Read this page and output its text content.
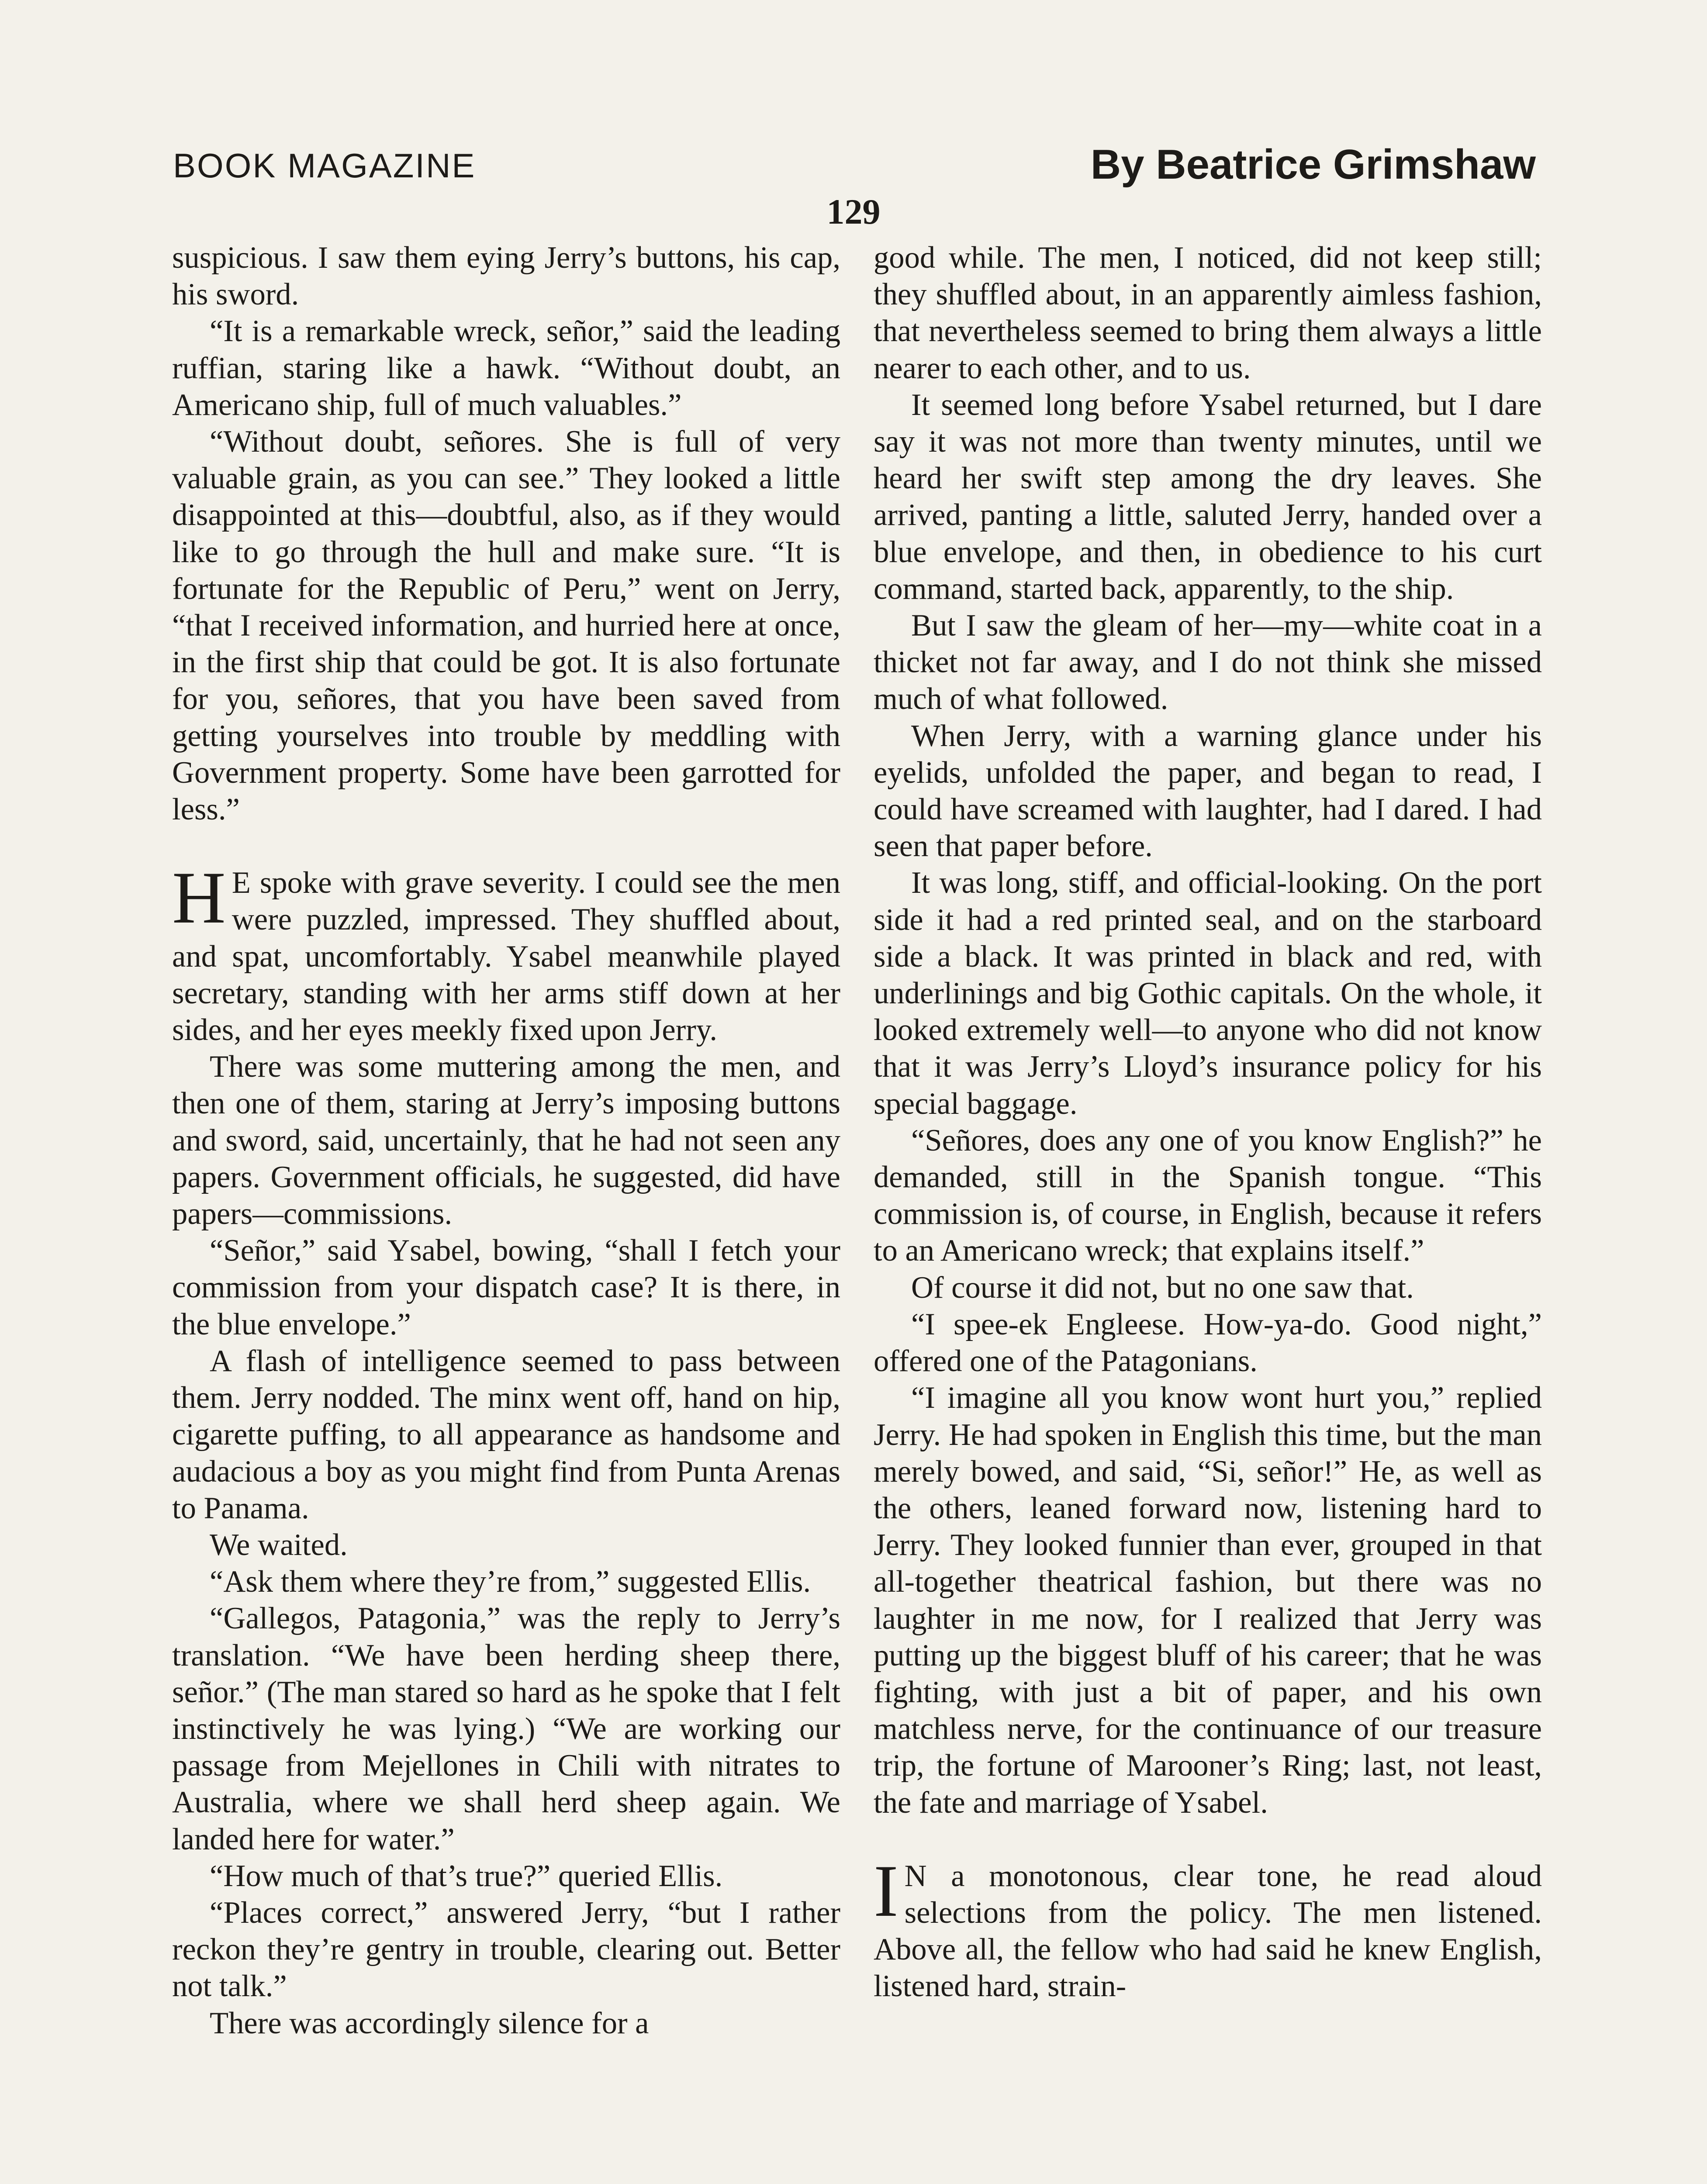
BOOK MAGAZINE	By Beatrice Grimshaw
129

suspicious. I saw them eying Jerry’s buttons, his cap, his sword.

“It is a remarkable wreck, señor,” said the leading ruffian, staring like a hawk. “Without doubt, an Americano ship, full of much valuables.”

“Without doubt, señores. She is full of very valuable grain, as you can see.” They looked a little disappointed at this—doubtful, also, as if they would like to go through the hull and make sure. “It is fortunate for the Republic of Peru,” went on Jerry, “that I received information, and hurried here at once, in the first ship that could be got. It is also fortunate for you, señores, that you have been saved from getting yourselves into trouble by meddling with Government property. Some have been garrotted for less.”

H E spoke with grave severity. I could see the men were puzzled, impressed. They shuffled about, and spat, uncomfortably. Ysabel meanwhile played secretary, standing with her arms stiff down at her sides, and her eyes meekly fixed upon Jerry.

There was some muttering among the men, and then one of them, staring at Jerry’s imposing buttons and sword, said, uncertainly, that he had not seen any papers. Government officials, he suggested, did have papers—commissions.

“Señor,” said Ysabel, bowing, “shall I fetch your commission from your dispatch case? It is there, in the blue envelope.”

A flash of intelligence seemed to pass between them. Jerry nodded. The minx went off, hand on hip, cigarette puffing, to all appearance as handsome and audacious a boy as you might find from Punta Arenas to Panama.

We waited.

“Ask them where they’re from,” suggested Ellis.

“Gallegos, Patagonia,” was the reply to Jerry’s translation. “We have been herding sheep there, señor.” (The man stared so hard as he spoke that I felt instinctively he was lying.) “We are working our passage from Mejellones in Chili with nitrates to Australia, where we shall herd sheep again. We landed here for water.”

“How much of that’s true?” queried Ellis.

“Places correct,” answered Jerry, “but I rather reckon they’re gentry in trouble, clearing out. Better not talk.”

There was accordingly silence for a

good while. The men, I noticed, did not keep still; they shuffled about, in an apparently aimless fashion, that nevertheless seemed to bring them always a little nearer to each other, and to us.

It seemed long before Ysabel returned, but I dare say it was not more than twenty minutes, until we heard her swift step among the dry leaves. She arrived, panting a little, saluted Jerry, handed over a blue envelope, and then, in obedience to his curt command, started back, apparently, to the ship.

But I saw the gleam of her—my—white coat in a thicket not far away, and I do not think she missed much of what followed.

When Jerry, with a warning glance under his eyelids, unfolded the paper, and began to read, I could have screamed with laughter, had I dared. I had seen that paper before.

It was long, stiff, and official-looking. On the port side it had a red printed seal, and on the starboard side a black. It was printed in black and red, with underlinings and big Gothic capitals. On the whole, it looked extremely well—to anyone who did not know that it was Jerry’s Lloyd’s insurance policy for his special baggage.

“Señores, does any one of you know English?” he demanded, still in the Spanish tongue. “This commission is, of course, in English, because it refers to an Americano wreck; that explains itself.”

Of course it did not, but no one saw that.

“I spee-ek Engleese. How-ya-do. Good night,” offered one of the Patagonians.

“I imagine all you know wont hurt you,” replied Jerry. He had spoken in English this time, but the man merely bowed, and said, “Si, señor!” He, as well as the others, leaned forward now, listening hard to Jerry. They looked funnier than ever, grouped in that all-together theatrical fashion, but there was no laughter in me now, for I realized that Jerry was putting up the biggest bluff of his career; that he was fighting, with just a bit of paper, and his own matchless nerve, for the continuance of our treasure trip, the fortune of Marooner’s Ring; last, not least, the fate and marriage of Ysabel.

I N a monotonous, clear tone, he read aloud selections from the policy. The men listened. Above all, the fellow who had said he knew English, listened hard, strain-
